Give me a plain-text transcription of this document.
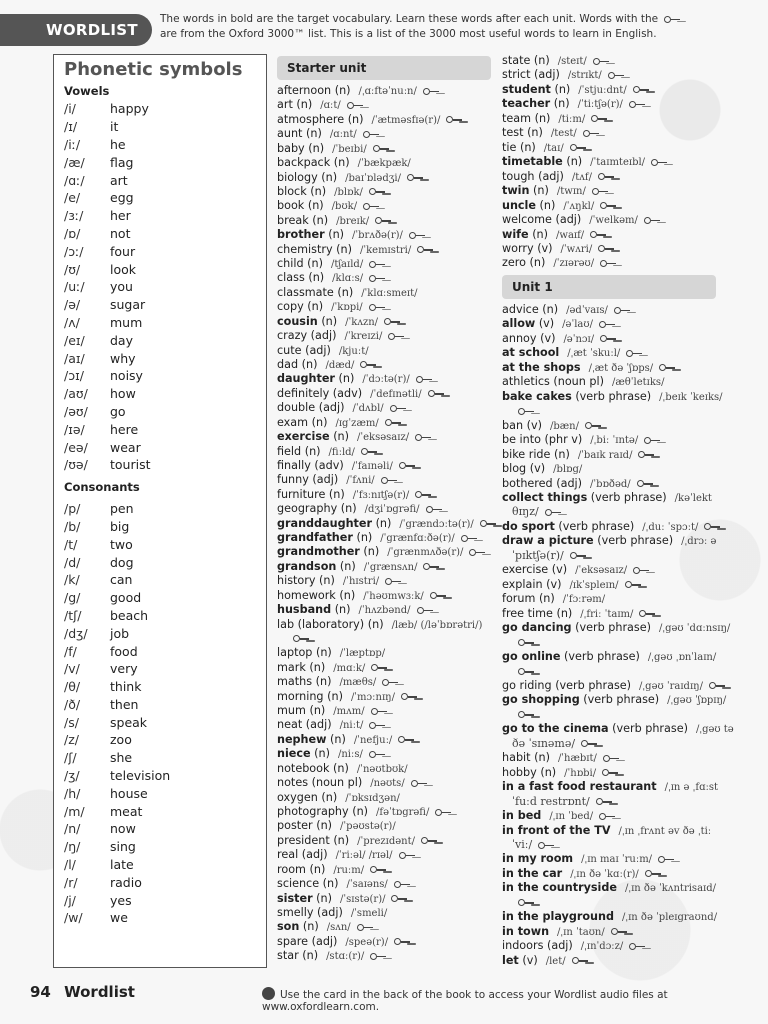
WORDLIST
The words in bold are the target vocabulary. Learn these words after each unit. Words with the
are from the Oxford 3000™ list. This is a list of the 3000 most useful words to learn in English.
Phonetic symbols
Vowels
/i/	happy
/ɪ/	it
/iː/	he
/æ/	flag
/ɑː/	art
/e/	egg
/ɜː/	her
/ɒ/	not
/ɔː/	four
/ʊ/	look
/uː/	you
/ə/	sugar
/ʌ/	mum
/eɪ/	day
/aɪ/	why
/ɔɪ/	noisy
/aʊ/	how
/əʊ/	go
/ɪə/	here
/eə/	wear
/ʊə/	tourist
Consonants
/p/	pen
/b/	big
/t/	two
/d/	dog
/k/	can
/g/	good
/tʃ/	beach
/dʒ/	job
/f/	food
/v/	very
/θ/	think
/ð/	then
/s/	speak
/z/	zoo
/ʃ/	she
/ʒ/	television
/h/	house
/m/	meat
/n/	now
/ŋ/	sing
/l/	late
/r/	radio
/j/	yes
/w/	we
Starter unit
Unit 1
afternoon (n) /ˌɑːftəˈnuːn/
art (n) /ɑːt/
atmosphere (n) /ˈætməsfɪə(r)/
aunt (n) /ɑːnt/
baby (n) /ˈbeɪbi/
backpack (n) /ˈbækpæk/
biology (n) /baɪˈɒlədʒi/
block (n) /blɒk/
book (n) /bʊk/
break (n) /breɪk/
brother (n) /ˈbrʌðə(r)/
chemistry (n) /ˈkemɪstri/
child (n) /tʃaɪld/
class (n) /klɑːs/
classmate (n) /ˈklɑːsmeɪt/
copy (n) /ˈkɒpi/
cousin (n) /ˈkʌzn/
crazy (adj) /ˈkreɪzi/
cute (adj) /kjuːt/
dad (n) /dæd/
daughter (n) /ˈdɔːtə(r)/
definitely (adv) /ˈdefɪnətli/
double (adj) /ˈdʌbl/
exam (n) /ɪgˈzæm/
exercise (n) /ˈeksəsaɪz/
field (n) /fiːld/
finally (adv) /ˈfaɪnəli/
funny (adj) /ˈfʌni/
furniture (n) /ˈfɜːnɪtʃə(r)/
geography (n) /dʒiˈɒgrəfi/
granddaughter (n) /ˈgrændɔːtə(r)/
grandfather (n) /ˈgrænfɑːðə(r)/
grandmother (n) /ˈgrænmʌðə(r)/
grandson (n) /ˈgrænsʌn/
history (n) /ˈhɪstri/
homework (n) /ˈhəʊmwɜːk/
husband (n) /ˈhʌzbənd/
lab (laboratory) (n) /læb/ (/ləˈbɒrətri/)
laptop (n) /ˈlæptɒp/
mark (n) /mɑːk/
maths (n) /mæθs/
morning (n) /ˈmɔːnɪŋ/
mum (n) /mʌm/
neat (adj) /niːt/
nephew (n) /ˈnefjuː/
niece (n) /niːs/
notebook (n) /ˈnəʊtbʊk/
notes (noun pl) /nəʊts/
oxygen (n) /ˈɒksɪdʒən/
photography (n) /fəˈtɒgrəfi/
poster (n) /ˈpəʊstə(r)/
president (n) /ˈprezɪdənt/
real (adj) /ˈriːəl/ /rɪəl/
room (n) /ruːm/
science (n) /ˈsaɪəns/
sister (n) /ˈsɪstə(r)/
smelly (adj) /ˈsmeli/
son (n) /sʌn/
spare (adj) /speə(r)/
star (n) /stɑː(r)/
state (n) /steɪt/
strict (adj) /strɪkt/
student (n) /ˈstjuːdnt/
teacher (n) /ˈtiːtʃə(r)/
team (n) /tiːm/
test (n) /test/
tie (n) /taɪ/
timetable (n) /ˈtaɪmteɪbl/
tough (adj) /tʌf/
twin (n) /twɪn/
uncle (n) /ˈʌŋkl/
welcome (adj) /ˈwelkəm/
wife (n) /waɪf/
worry (v) /ˈwʌri/
zero (n) /ˈzɪərəʊ/
advice (n) /ədˈvaɪs/
allow (v) /əˈlaʊ/
annoy (v) /əˈnɔɪ/
at school /ˌæt ˈskuːl/
at the shops /ˌæt ðə ˈʃɒps/
athletics (noun pl) /æθˈletɪks/
bake cakes (verb phrase) /ˌbeɪk ˈkeɪks/
ban (v) /bæn/
be into (phr v) /ˌbiː ˈɪntə/
bike ride (n) /ˈbaɪk raɪd/
blog (v) /blɒg/
bothered (adj) /ˈbɒðəd/
collect things (verb phrase) /kəˈlekt
θɪŋz/
do sport (verb phrase) /ˌduː ˈspɔːt/
draw a picture (verb phrase) /ˌdrɔː ə
ˈpɪktʃə(r)/
exercise (v) /ˈeksəsaɪz/
explain (v) /ɪkˈspleɪn/
forum (n) /ˈfɔːrəm/
free time (n) /ˌfriː ˈtaɪm/
go dancing (verb phrase) /ˌgəʊ ˈdɑːnsɪŋ/
go online (verb phrase) /ˌgəʊ ˌɒnˈlaɪn/
go riding (verb phrase) /ˌgəʊ ˈraɪdɪŋ/
go shopping (verb phrase) /ˌgəʊ ˈʃɒpɪŋ/
go to the cinema (verb phrase) /ˌgəʊ tə
ðə ˈsɪnəmə/
habit (n) /ˈhæbɪt/
hobby (n) /ˈhɒbi/
in a fast food restaurant /ˌɪn ə ˌfɑːst
ˈfuːd restrɒnt/
in bed /ˌɪn ˈbed/
in front of the TV /ˌɪn ˌfrʌnt əv ðə ˌtiː
ˈviː/
in my room /ˌɪn maɪ ˈruːm/
in the car /ˌɪn ðə ˈkɑː(r)/
in the countryside /ˌɪn ðə ˈkʌntrisaɪd/
in the playground /ˌɪn ðə ˈpleɪgraʊnd/
in town /ˌɪn ˈtaʊn/
indoors (adj) /ˌɪnˈdɔːz/
let (v) /let/
94 Wordlist	Use the card in the back of the book to access your Wordlist audio files at www.oxfordlearn.com.
